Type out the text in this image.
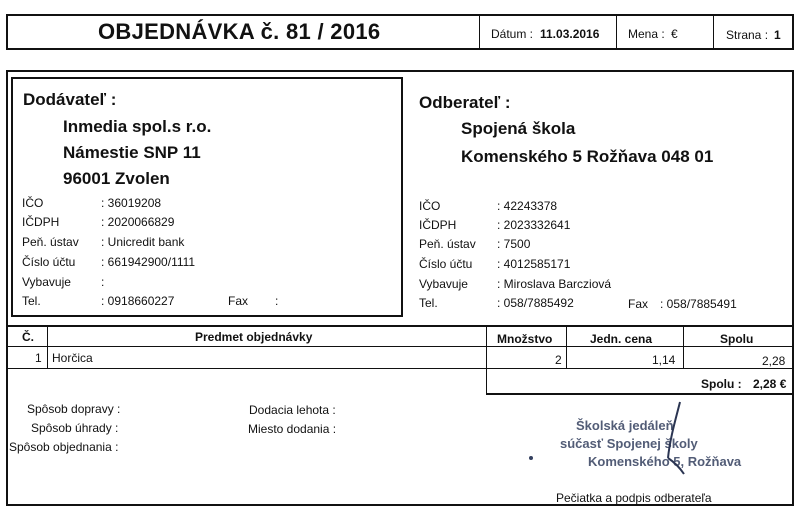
OBJEDNÁVKA č. 81 / 2016	Dátum : 11.03.2016 Mena : €	Strana : 1
Dodávateľ :
Inmedia spol.s r.o.
Námestie SNP 11
96001 Zvolen
IČO	: 36019208
IČDPH	: 2020066829
Peň. ústav : Unicredit bank
Číslo účtu : 661942900/1111
Vybavuje	:
Tel.	: 0918660227	Fax :
Odberateľ :
Spojená škola
Komenského 5 Rožňava 048 01
IČO	: 42243378
IČDPH	: 2023332641
Peň. ústav : 7500
Číslo účtu : 4012585171
Vybavuje : Miroslava Barcziová
Tel.	: 058/7885492	Fax : 058/7885491
Č.	Predmet objednávky	Množstvo	Jedn. cena	Spolu
1 Horčica	2	1,14	2,28
Spolu : 2,28 €
Spôsob dopravy :
Spôsob úhrady :
Spôsob objednania :
Dodacia lehota :
Miesto dodania :	Školská jedáleň
súčasť Spojenej školy
Komenského 5, Rožňava
Pečiatka a podpis odberateľa
